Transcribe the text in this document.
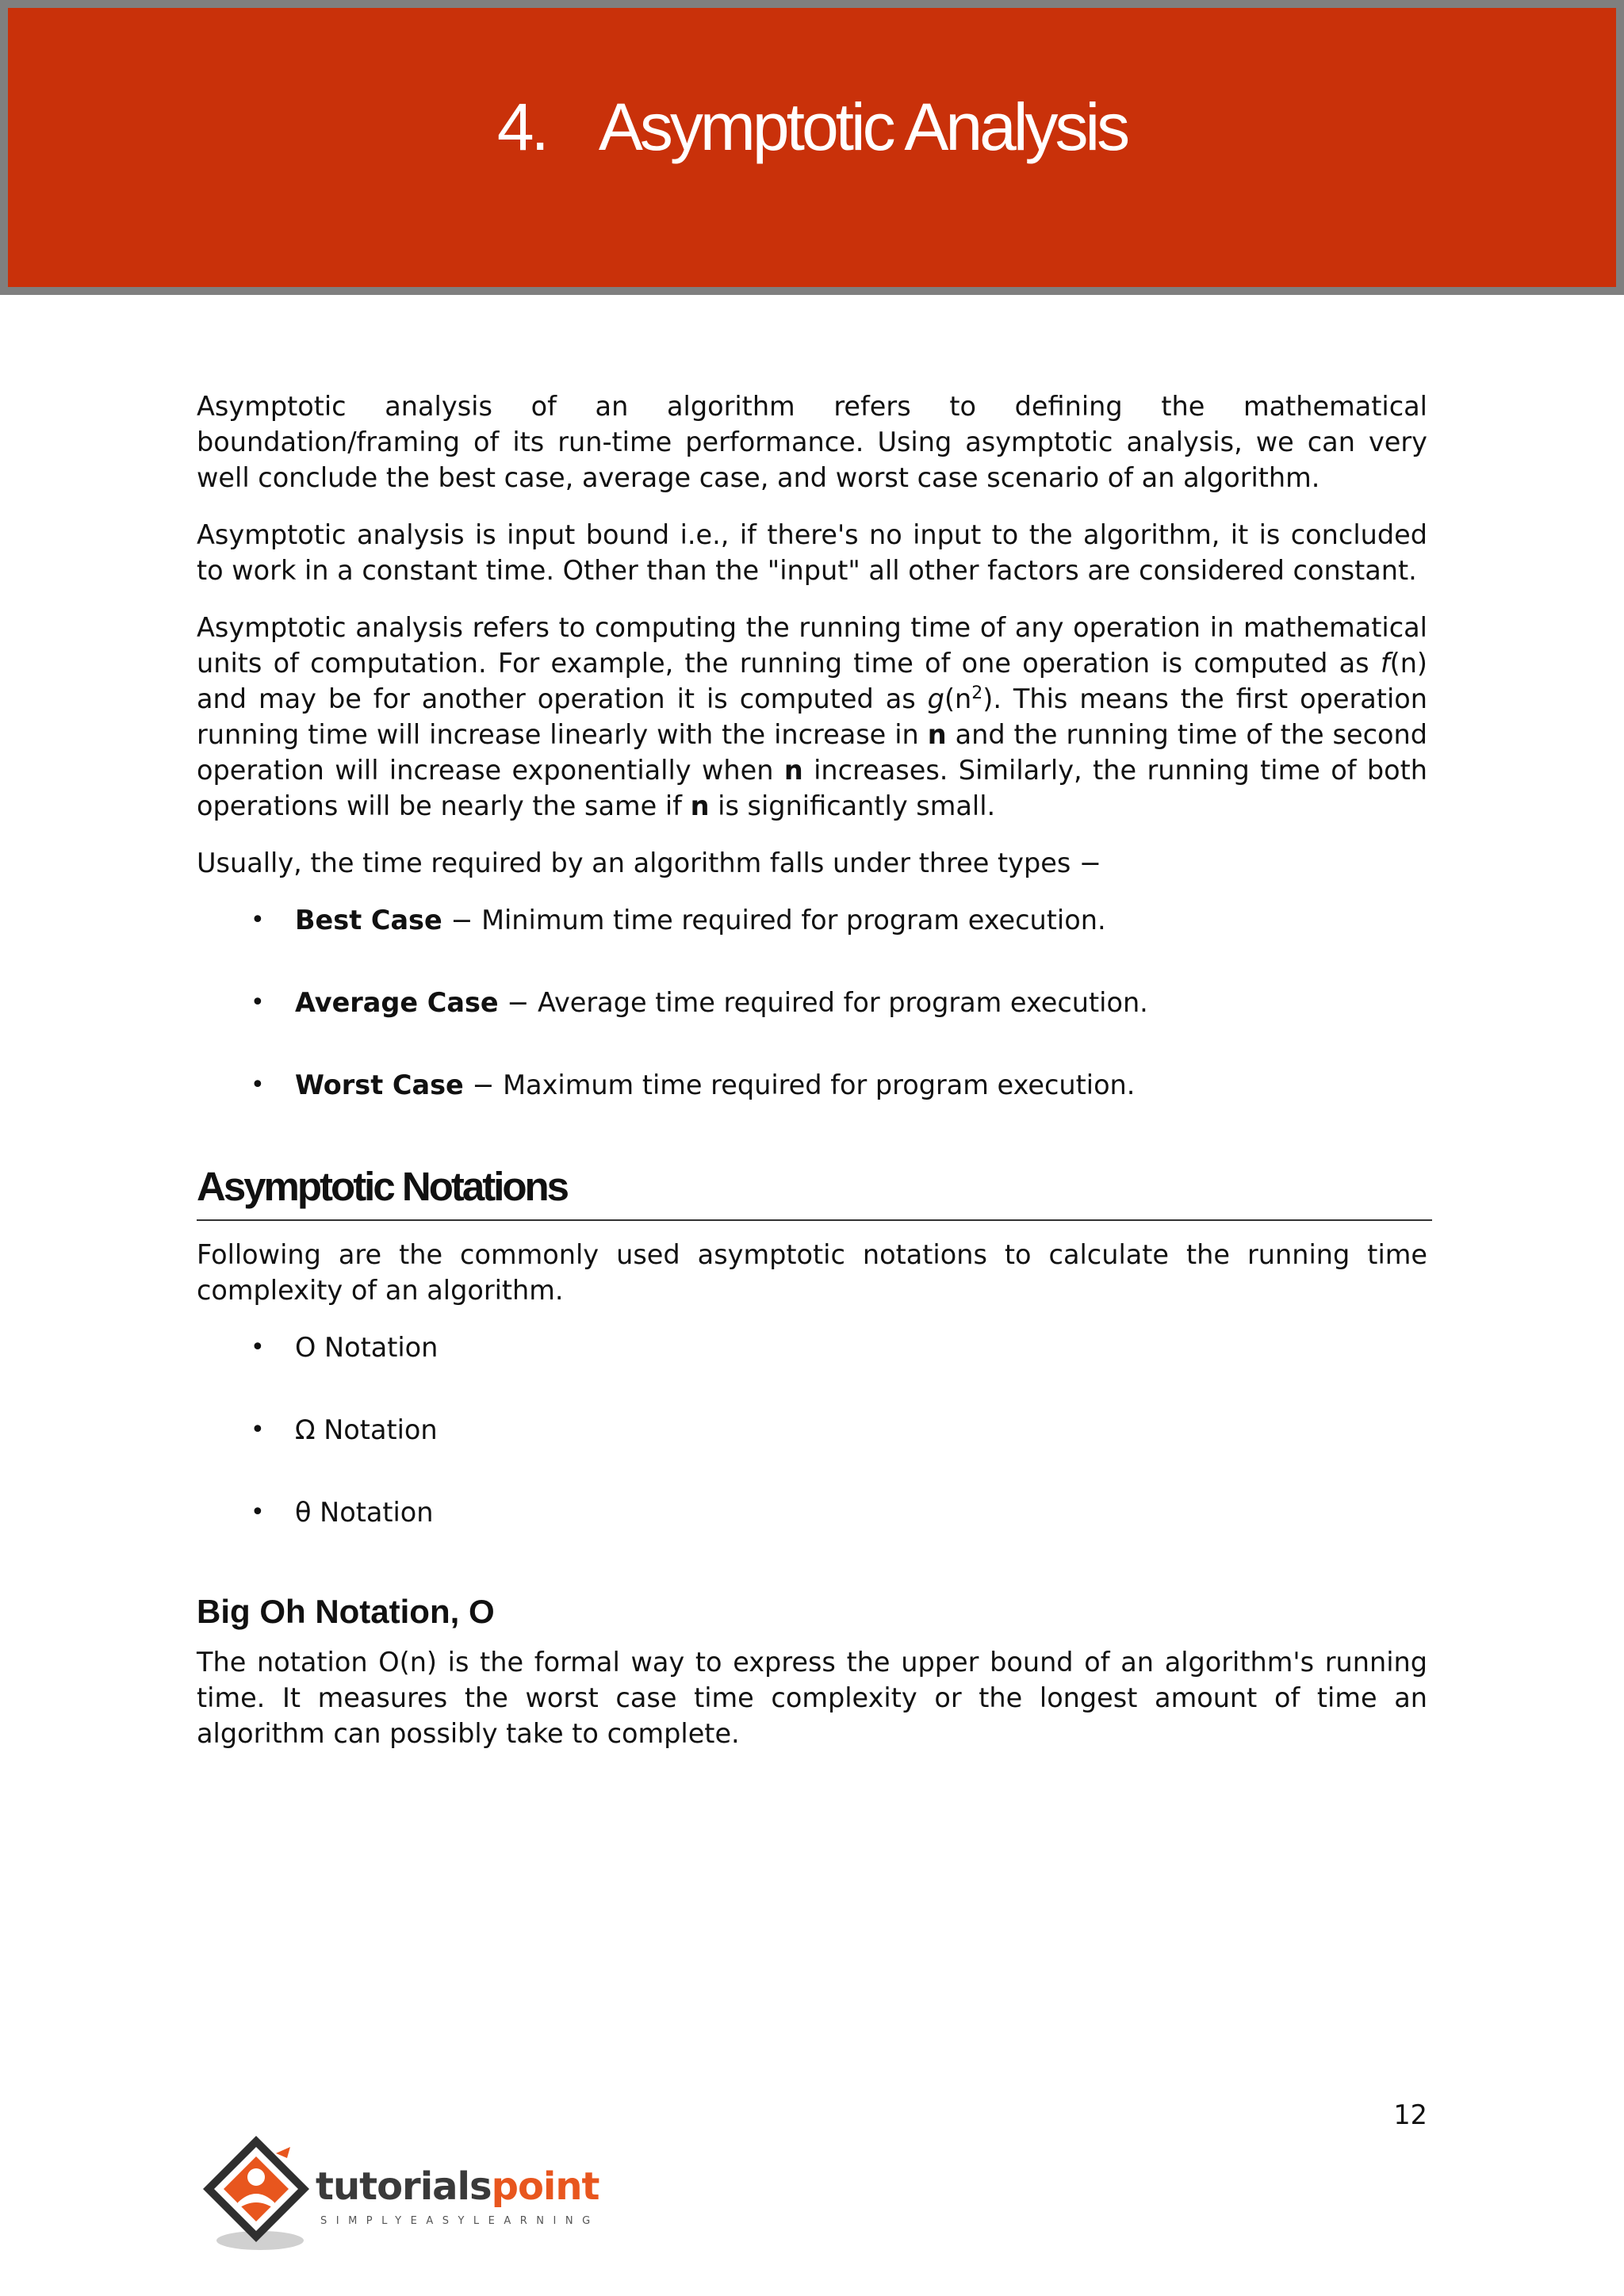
4. Asymptotic Analysis

Asymptotic analysis of an algorithm refers to defining the mathematical boundation/framing of its run-time performance. Using asymptotic analysis, we can very well conclude the best case, average case, and worst case scenario of an algorithm.

Asymptotic analysis is input bound i.e., if there's no input to the algorithm, it is concluded to work in a constant time. Other than the "input" all other factors are considered constant.

Asymptotic analysis refers to computing the running time of any operation in mathematical units of computation. For example, the running time of one operation is computed as f(n) and may be for another operation it is computed as $g(n^2)$. This means the first operation running time will increase linearly with the increase in n and the running time of the second operation will increase exponentially when n increases. Similarly, the running time of both operations will be nearly the same if n is significantly small.

Usually, the time required by an algorithm falls under three types −

• Best Case − Minimum time required for program execution.
• Average Case − Average time required for program execution.
• Worst Case − Maximum time required for program execution.
Asymptotic Notations

Following are the commonly used asymptotic notations to calculate the running time complexity of an algorithm.

• O Notation
• Ω Notation
• θ Notation
Big Oh Notation, O

The notation O(n) is the formal way to express the upper bound of an algorithm's running time. It measures the worst case time complexity or the longest amount of time an algorithm can possibly take to complete.

12
tutorialspoint
SIMPLYEASYLEARNING
